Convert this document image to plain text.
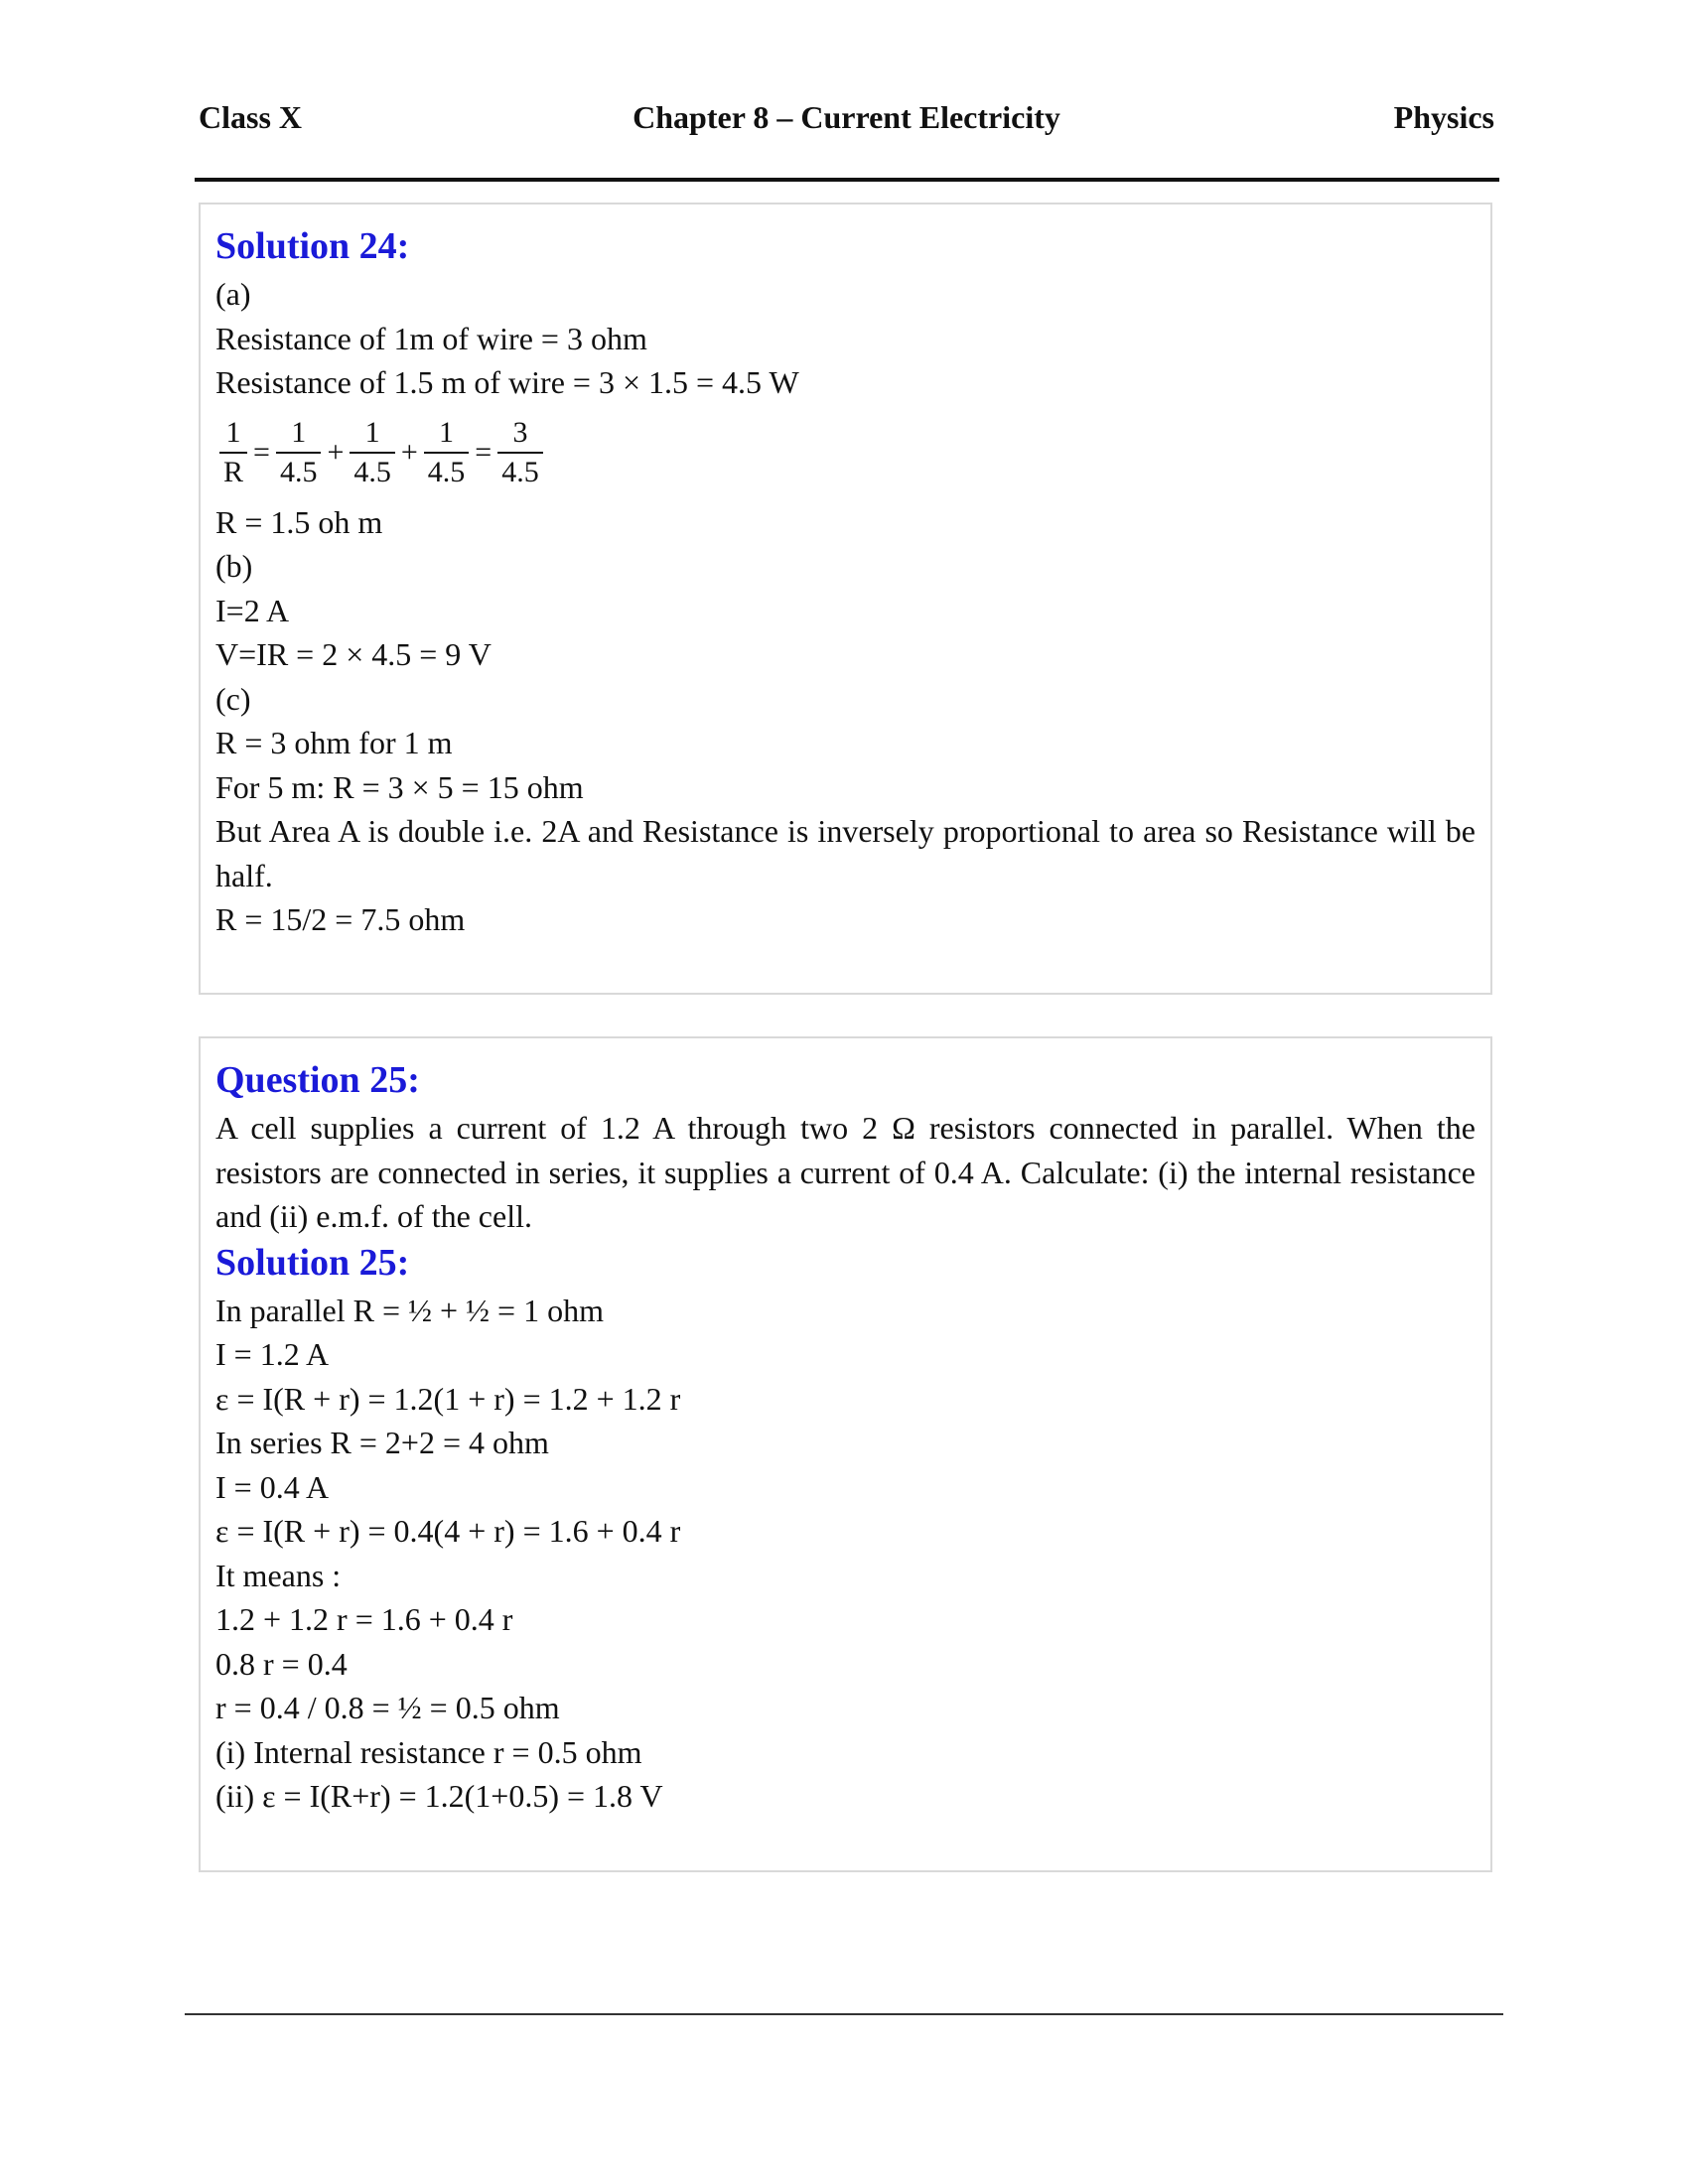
Class X	Chapter 8 – Current Electricity	Physics
Solution 24:
(a)
Resistance of 1m of wire = 3 ohm
Resistance of 1.5 m of wire = 3 × 1.5 = 4.5 W
$\frac{1}{R} = \frac{1}{4.5} + \frac{1}{4.5} + \frac{1}{4.5} = \frac{3}{4.5}$
R = 1.5 oh m
(b)
I=2 A
V=IR = 2 × 4.5 = 9 V
(c)
R = 3 ohm for 1 m
For 5 m: R = 3 × 5 = 15 ohm
But Area A is double i.e. 2A and Resistance is inversely proportional to area so Resistance will be half.
R = 15/2 = 7.5 ohm
Question 25:
A cell supplies a current of 1.2 A through two 2 Ω resistors connected in parallel. When the resistors are connected in series, it supplies a current of 0.4 A. Calculate: (i) the internal resistance and (ii) e.m.f. of the cell.
Solution 25:
In parallel R = ½ + ½ = 1 ohm
I = 1.2 A
ε = I(R + r) = 1.2(1 + r) = 1.2 + 1.2 r
In series R = 2+2 = 4 ohm
I = 0.4 A
ε = I(R + r) = 0.4(4 + r) = 1.6 + 0.4 r
It means :
1.2 + 1.2 r = 1.6 + 0.4 r
0.8 r = 0.4
r = 0.4 / 0.8 = ½ = 0.5 ohm
(i) Internal resistance r = 0.5 ohm
(ii) ε = I(R+r) = 1.2(1+0.5) = 1.8 V
